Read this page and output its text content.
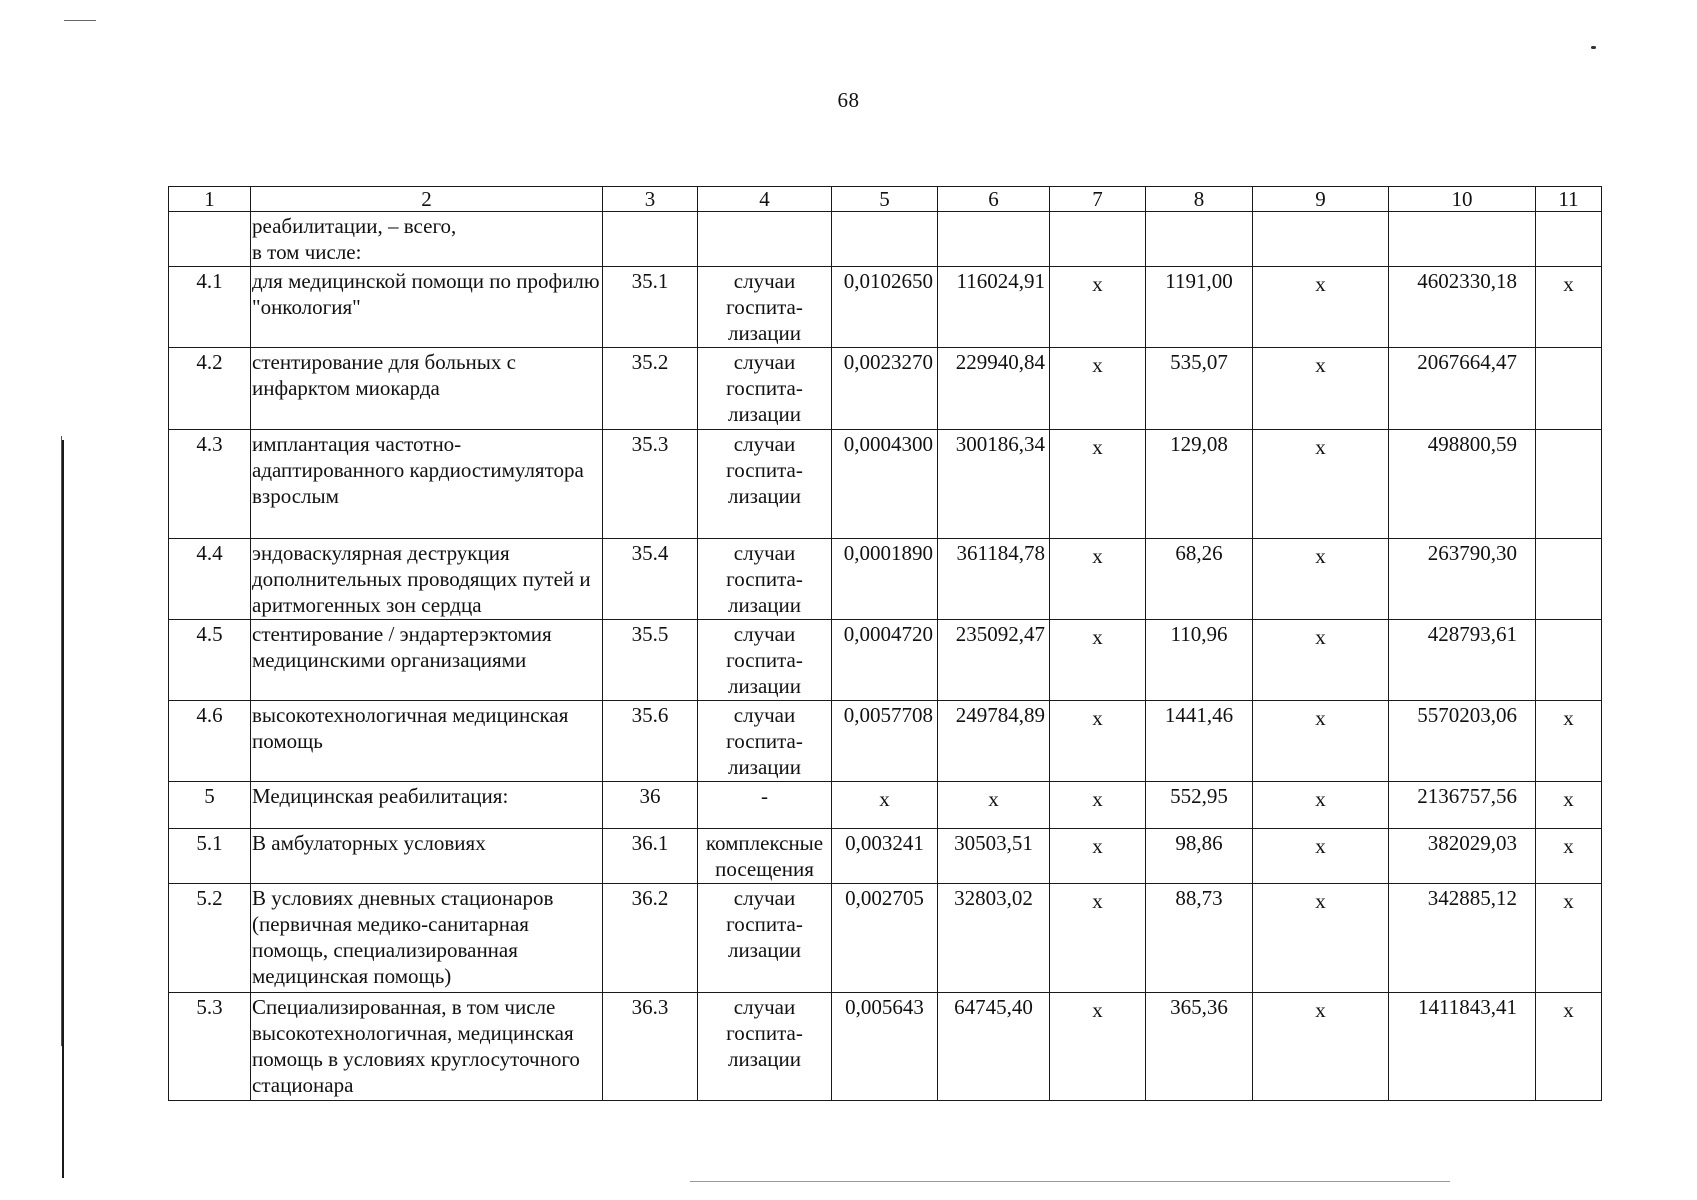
68
1	2	3	4	5	6	7	8	9	10	11
	реабилитации, – всего,
в том числе:									
4.1	для медицинской помощи по профилю "онкология"	35.1	случаи госпита-лизации	0,0102650	116024,91	х	1191,00	х	4602330,18	х
4.2	стентирование для больных с инфарктом миокарда	35.2	случаи госпита-лизации	0,0023270	229940,84	х	535,07	х	2067664,47	
4.3	имплантация частотно-адаптированного кардиостимулятора взрослым	35.3	случаи госпита-лизации	0,0004300	300186,34	х	129,08	х	498800,59	
4.4	эндоваскулярная деструкция дополнительных проводящих путей и аритмогенных зон сердца	35.4	случаи госпита-лизации	0,0001890	361184,78	х	68,26	х	263790,30	
4.5	стентирование / эндартерэктомия медицинскими организациями	35.5	случаи госпита-лизации	0,0004720	235092,47	х	110,96	х	428793,61	
4.6	высокотехнологичная медицинская помощь	35.6	случаи госпита-лизации	0,0057708	249784,89	х	1441,46	х	5570203,06	х
5	Медицинская реабилитация:	36	-	х	х	х	552,95	х	2136757,56	х
5.1	В амбулаторных условиях	36.1	комплексные посещения	0,003241	30503,51	х	98,86	х	382029,03	х
5.2	В условиях дневных стационаров (первичная медико-санитарная помощь, специализированная медицинская помощь)	36.2	случаи госпита-лизации	0,002705	32803,02	х	88,73	х	342885,12	х
5.3	Специализированная, в том числе высокотехнологичная, медицинская помощь в условиях круглосуточного стационара	36.3	случаи госпита-лизации	0,005643	64745,40	х	365,36	х	1411843,41	х
